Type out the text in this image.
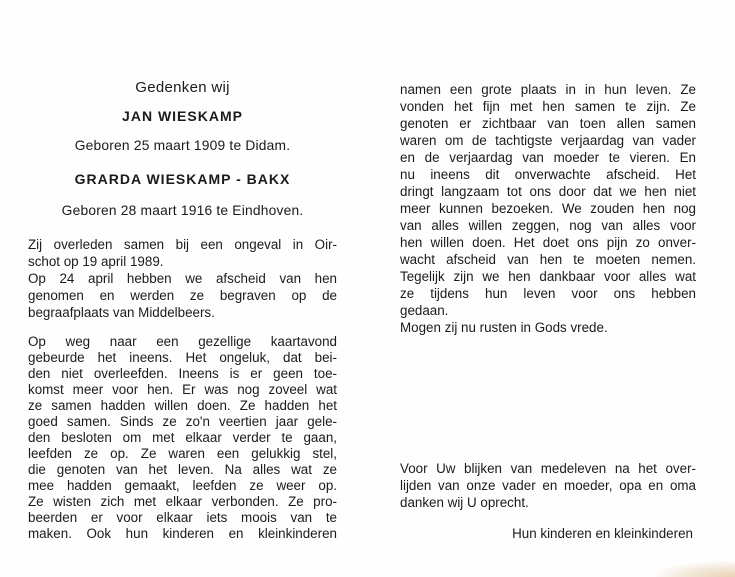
Gedenken wij
JAN WIESKAMP
Geboren 25 maart 1909 te Didam.
GRARDA WIESKAMP - BAKX
Geboren 28 maart 1916 te Eindhoven.
Zij overleden samen bij een ongeval in Oir-
schot op 19 april 1989.
Op 24 april hebben we afscheid van hen
genomen en werden ze begraven op de
begraafplaats van Middelbeers.
Op weg naar een gezellige kaartavond
gebeurde het ineens. Het ongeluk, dat bei-
den niet overleefden. Ineens is er geen toe-
komst meer voor hen. Er was nog zoveel wat
ze samen hadden willen doen. Ze hadden het
goed samen. Sinds ze zo'n veertien jaar gele-
den besloten om met elkaar verder te gaan,
leefden ze op. Ze waren een gelukkig stel,
die genoten van het leven. Na alles wat ze
mee hadden gemaakt, leefden ze weer op.
Ze wisten zich met elkaar verbonden. Ze pro-
beerden er voor elkaar iets moois van te
maken. Ook hun kinderen en kleinkinderen
namen een grote plaats in in hun leven. Ze
vonden het fijn met hen samen te zijn. Ze
genoten er zichtbaar van toen allen samen
waren om de tachtigste verjaardag van vader
en de verjaardag van moeder te vieren. En
nu ineens dit onverwachte afscheid. Het
dringt langzaam tot ons door dat we hen niet
meer kunnen bezoeken. We zouden hen nog
van alles willen zeggen, nog van alles voor
hen willen doen. Het doet ons pijn zo onver-
wacht afscheid van hen te moeten nemen.
Tegelijk zijn we hen dankbaar voor alles wat
ze tijdens hun leven voor ons hebben
gedaan.
Mogen zij nu rusten in Gods vrede.
Voor Uw blijken van medeleven na het over-
lijden van onze vader en moeder, opa en oma
danken wij U oprecht.
Hun kinderen en kleinkinderen
